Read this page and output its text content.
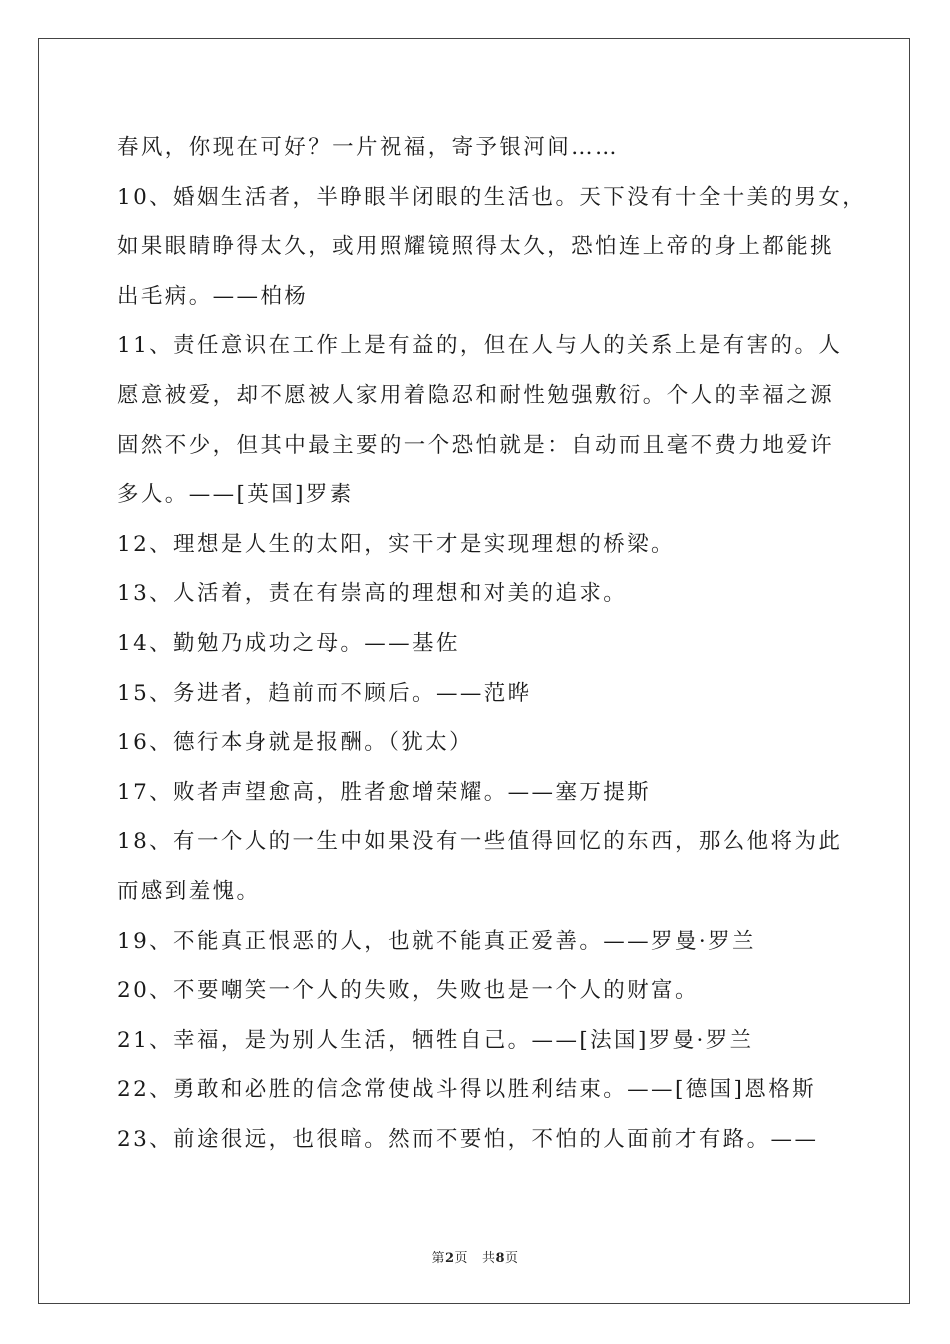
春风，你现在可好？一片祝福，寄予银河间……
10、婚姻生活者，半睁眼半闭眼的生活也。天下没有十全十美的男女，
如果眼睛睁得太久，或用照耀镜照得太久，恐怕连上帝的身上都能挑
出毛病。——柏杨
11、责任意识在工作上是有益的，但在人与人的关系上是有害的。人
愿意被爱，却不愿被人家用着隐忍和耐性勉强敷衍。个人的幸福之源
固然不少，但其中最主要的一个恐怕就是：自动而且毫不费力地爱许
多人。——[英国]罗素
12、理想是人生的太阳，实干才是实现理想的桥梁。
13、人活着，责在有崇高的理想和对美的追求。
14、勤勉乃成功之母。——基佐
15、务进者，趋前而不顾后。——范晔
16、德行本身就是报酬。（犹太）
17、败者声望愈高，胜者愈增荣耀。——塞万提斯
18、有一个人的一生中如果没有一些值得回忆的东西，那么他将为此
而感到羞愧。
19、不能真正恨恶的人，也就不能真正爱善。——罗曼·罗兰
20、不要嘲笑一个人的失败，失败也是一个人的财富。
21、幸福，是为别人生活，牺牲自己。——[法国]罗曼·罗兰
22、勇敢和必胜的信念常使战斗得以胜利结束。——[德国]恩格斯
23、前途很远，也很暗。然而不要怕，不怕的人面前才有路。——
第2页 共8页
